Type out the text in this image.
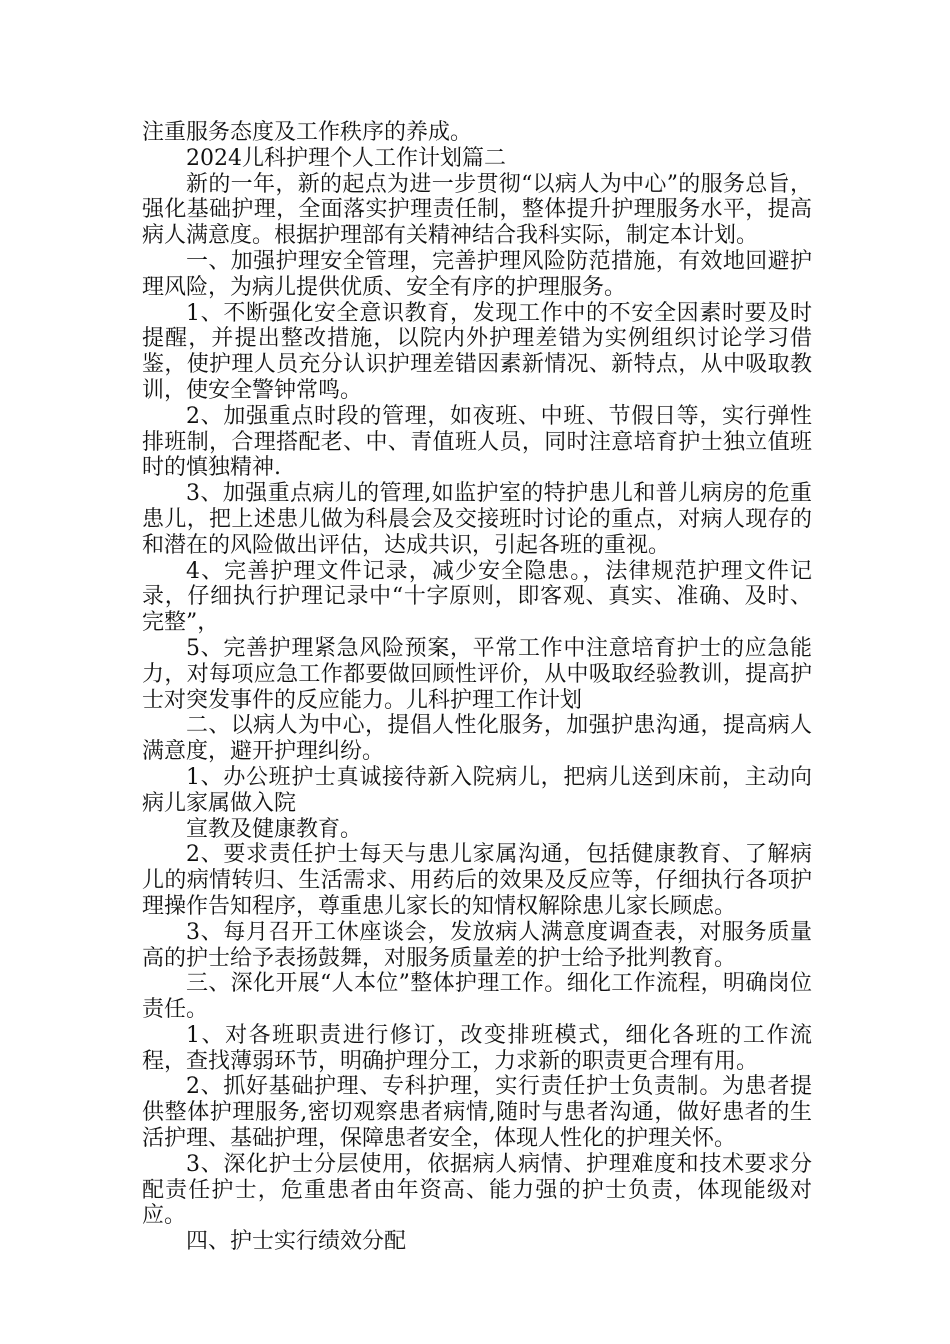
注重服务态度及工作秩序的养成。

2024儿科护理个人工作计划篇二

新的一年，新的起点为进一步贯彻“以病人为中心”的服务总旨，强化基础护理，全面落实护理责任制，整体提升护理服务水平，提高病人满意度。根据护理部有关精神结合我科实际，制定本计划。

一、加强护理安全管理，完善护理风险防范措施，有效地回避护理风险，为病儿提供优质、安全有序的护理服务。

1、不断强化安全意识教育，发现工作中的不安全因素时要及时提醒，并提出整改措施，以院内外护理差错为实例组织讨论学习借鉴，使护理人员充分认识护理差错因素新情况、新特点，从中吸取教训，使安全警钟常鸣。

2、加强重点时段的管理，如夜班、中班、节假日等，实行弹性排班制，合理搭配老、中、青值班人员，同时注意培育护士独立值班时的慎独精神.

3、加强重点病儿的管理,如监护室的特护患儿和普儿病房的危重患儿，把上述患儿做为科晨会及交接班时讨论的重点，对病人现存的和潜在的风险做出评估，达成共识，引起各班的重视。

4、完善护理文件记录，减少安全隐患。，法律规范护理文件记录，仔细执行护理记录中“十字原则，即客观、真实、准确、及时、完整”，

5、完善护理紧急风险预案，平常工作中注意培育护士的应急能力，对每项应急工作都要做回顾性评价，从中吸取经验教训，提高护士对突发事件的反应能力。儿科护理工作计划

二、以病人为中心，提倡人性化服务，加强护患沟通，提高病人满意度，避开护理纠纷。

1、办公班护士真诚接待新入院病儿，把病儿送到床前，主动向病儿家属做入院

宣教及健康教育。

2、要求责任护士每天与患儿家属沟通，包括健康教育、了解病儿的病情转归、生活需求、用药后的效果及反应等，仔细执行各项护理操作告知程序，尊重患儿家长的知情权解除患儿家长顾虑。

3、每月召开工休座谈会，发放病人满意度调查表，对服务质量高的护士给予表扬鼓舞，对服务质量差的护士给予批判教育。

三、深化开展“人本位”整体护理工作。细化工作流程，明确岗位责任。

1、对各班职责进行修订，改变排班模式，细化各班的工作流程，查找薄弱环节，明确护理分工，力求新的职责更合理有用。

2、抓好基础护理、专科护理，实行责任护士负责制。为患者提供整体护理服务,密切观察患者病情,随时与患者沟通，做好患者的生活护理、基础护理，保障患者安全，体现人性化的护理关怀。

3、深化护士分层使用，依据病人病情、护理难度和技术要求分配责任护士，危重患者由年资高、能力强的护士负责，体现能级对应。

四、护士实行绩效分配
